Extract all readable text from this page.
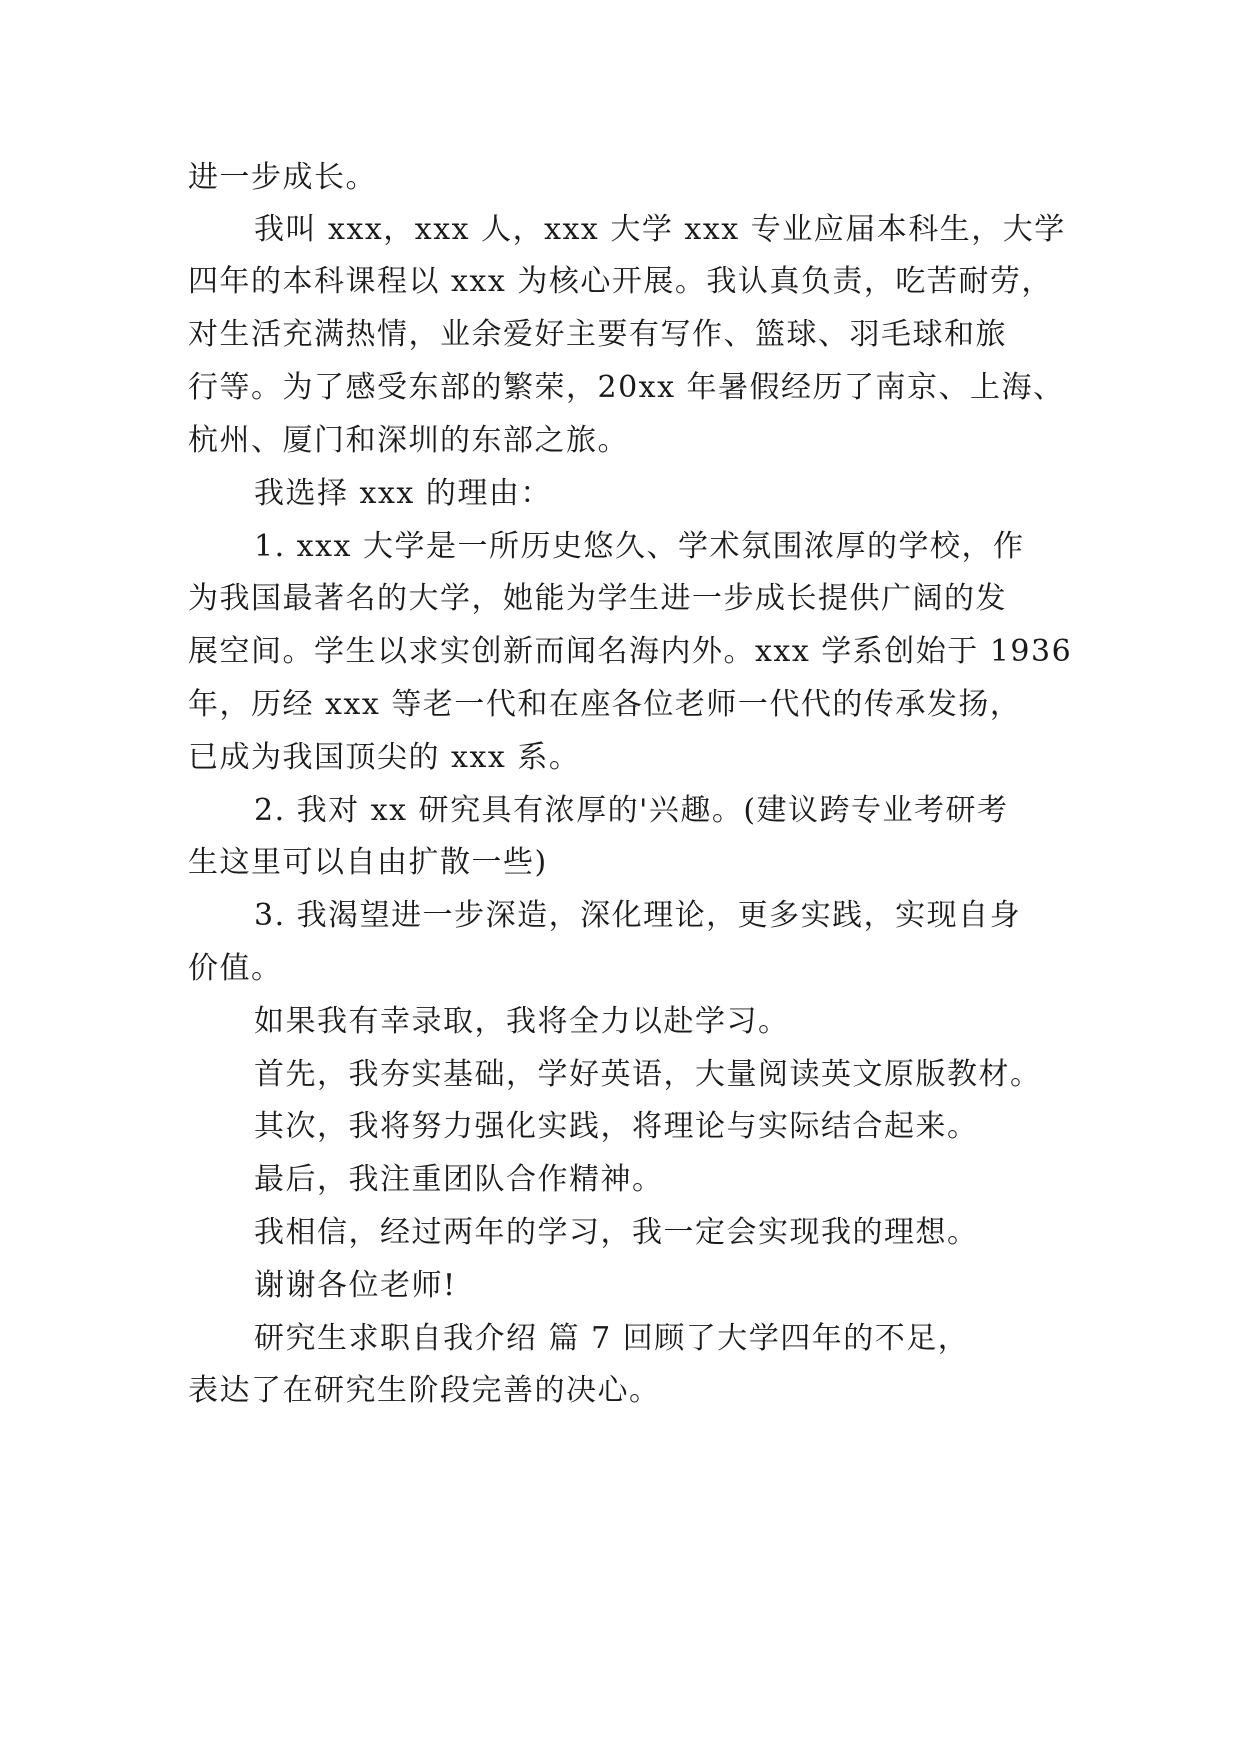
进一步成长。
我叫 xxx，xxx 人，xxx 大学 xxx 专业应届本科生，大学
四年的本科课程以 xxx 为核心开展。我认真负责，吃苦耐劳，
对生活充满热情，业余爱好主要有写作、篮球、羽毛球和旅
行等。为了感受东部的繁荣，20xx 年暑假经历了南京、上海、
杭州、厦门和深圳的东部之旅。
我选择 xxx 的理由：
1. xxx 大学是一所历史悠久、学术氛围浓厚的学校，作
为我国最著名的大学，她能为学生进一步成长提供广阔的发
展空间。学生以求实创新而闻名海内外。xxx 学系创始于 1936
年，历经 xxx 等老一代和在座各位老师一代代的传承发扬，
已成为我国顶尖的 xxx 系。
2. 我对 xx 研究具有浓厚的'兴趣。(建议跨专业考研考
生这里可以自由扩散一些)
3. 我渴望进一步深造，深化理论，更多实践，实现自身
价值。
如果我有幸录取，我将全力以赴学习。
首先，我夯实基础，学好英语，大量阅读英文原版教材。
其次，我将努力强化实践，将理论与实际结合起来。
最后，我注重团队合作精神。
我相信，经过两年的学习，我一定会实现我的理想。
谢谢各位老师!
研究生求职自我介绍 篇 7 回顾了大学四年的不足，
表达了在研究生阶段完善的决心。
